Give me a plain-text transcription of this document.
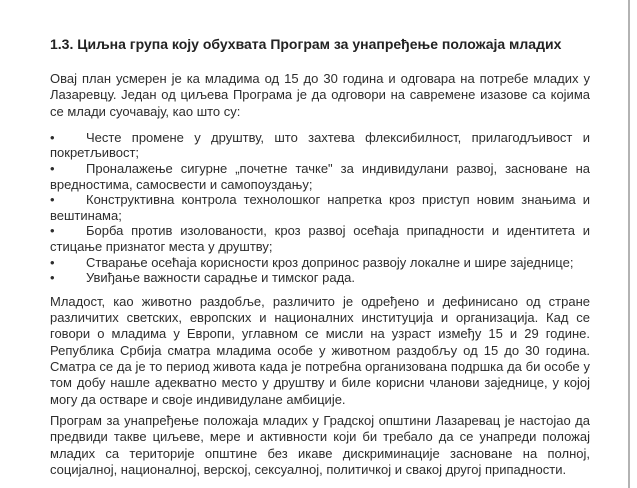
1.3. Циљна група коју обухвата Програм за унапређење положаја младих

Овај план усмерен је ка младима од 15 до 30 година и одговара на потребе младих у Лазаревцу. Један од циљева Програма је да одговори на савремене изазове са којима се млади суочавају, као што су:

• Честе промене у друштву, што захтева флексибилност, прилагодљивост и покретљивост;
• Проналажење сигурне „почетне тачке" за индивидулани развој, засноване на вредностима, самосвести и самопоуздању;
• Конструктивна контрола технолошког напретка кроз приступ новим знањима и вештинама;
• Борба против изолованости, кроз развој осећаја припадности и идентитета и стицање признатог места у друштву;
• Стварање осећаја корисности кроз допринос развоју локалне и шире заједнице;
• Увиђање важности сарадње и тимског рада.

Младост, као животно раздобље, различито је одређено и дефинисано од стране различитих светских, европских и националних институција и организација. Кад се говори о младима у Европи, углавном се мисли на узраст између 15 и 29 године. Република Србија сматра младима особе у животном раздобљу од 15 до 30 година. Сматра се да је то период живота када је потребна организована подршка да би особе у том добу нашле адекватно место у друштву и биле корисни чланови заједнице, у којој могу да остваре и своје индивидулане амбиције.

Програм за унапређење положаја младих у Градској општини Лазаревац је настојао да предвиди такве циљеве, мере и активности који би требало да се унапреди положај младих са територије општине без икаве дискриминације засноване на полној, социјалној, националној, верској, сексуалној, политичкој и свакој другој припадности.
